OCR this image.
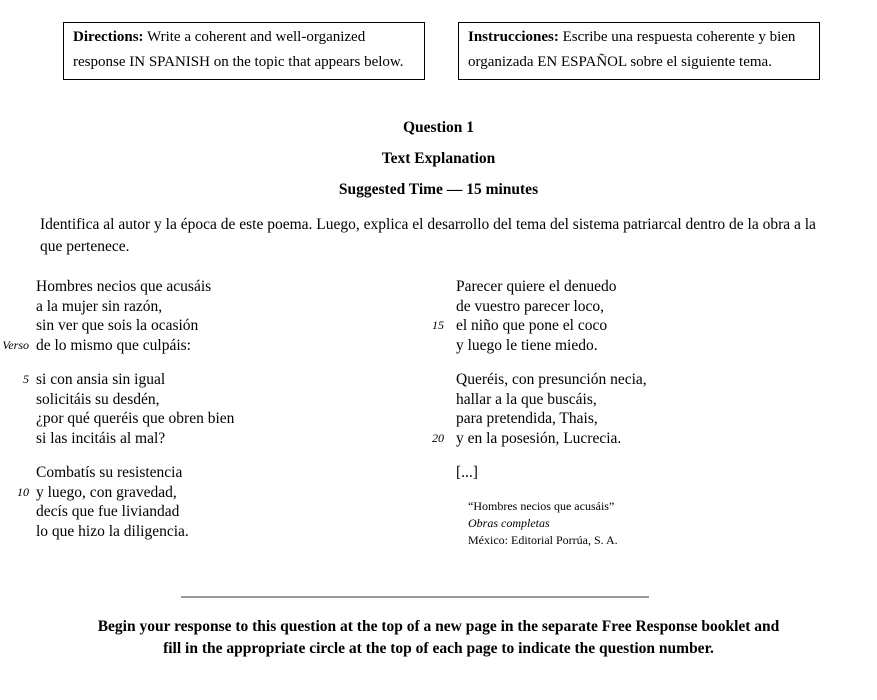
Directions: Write a coherent and well-organized response IN SPANISH on the topic that appears below.
Instrucciones: Escribe una respuesta coherente y bien organizada EN ESPAÑOL sobre el siguiente tema.
Question 1
Text Explanation
Suggested Time — 15 minutes
Identifica al autor y la época de este poema. Luego, explica el desarrollo del tema del sistema patriarcal dentro de la obra a la que pertenece.
Hombres necios que acusáis
a la mujer sin razón,
sin ver que sois la ocasión
Verso de lo mismo que culpáis:
5 si con ansia sin igual
solicitáis su desdén,
¿por qué queréis que obren bien
si las incitáis al mal?
Combatís su resistencia
10 y luego, con gravedad,
decís que fue liviandad
lo que hizo la diligencia.
Parecer quiere el denuedo
de vuestro parecer loco,
15 el niño que pone el coco
y luego le tiene miedo.
Queréis, con presunción necia,
hallar a la que buscáis,
para pretendida, Thais,
20 y en la posesión, Lucrecia.
[...]
“Hombres necios que acusáis”
Obras completas
México: Editorial Porrúa, S. A.
Begin your response to this question at the top of a new page in the separate Free Response booklet and
fill in the appropriate circle at the top of each page to indicate the question number.
